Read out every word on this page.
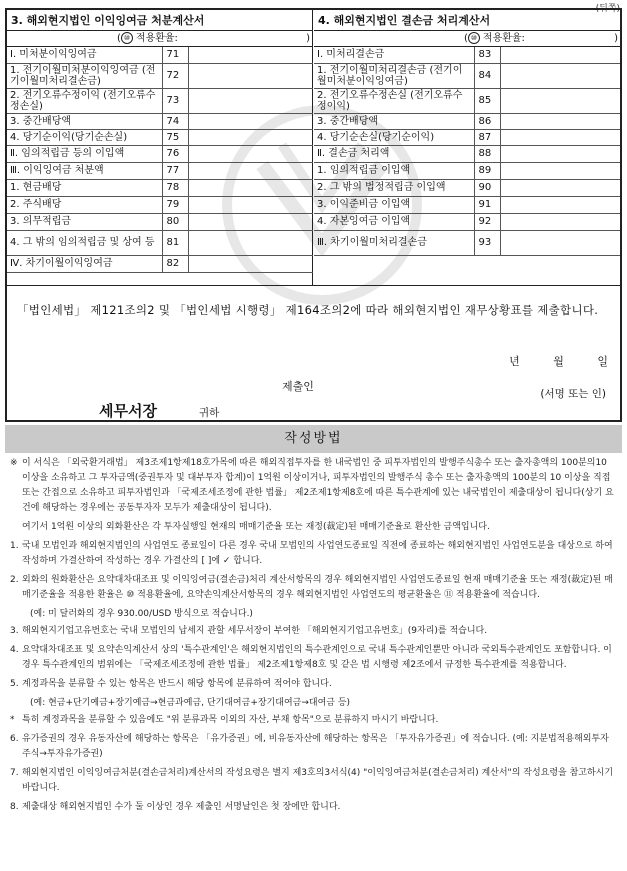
(뒤쪽)
3. 해외현지법인 이익잉여금 처분계산서
( ⑩ 적용환율:	)
Ⅰ. 미처분이익잉여금	71	
1. 전기이월미처분이익잉여금 (전기이월미처리결손금)	72	
2. 전기오류수정이익 (전기오류수정손실)	73	
3. 중간배당액	74	
4. 당기순이익(당기순손실)	75	
Ⅱ. 임의적립금 등의 이입액	76	
Ⅲ. 이익잉여금 처분액	77	
1. 현금배당	78	
2. 주식배당	79	
3. 의무적립금	80	
4. 그 밖의 임의적립금 및 상여 등	81	
Ⅳ. 차기이월이익잉여금	82	
4. 해외현지법인 결손금 처리계산서
( ⑩ 적용환율:	)
Ⅰ. 미처리결손금	83	
1. 전기이월미처리결손금 (전기이월미처분이익잉여금)	84	
2. 전기오류수정손실 (전기오류수정이익)	85	
3. 중간배당액	86	
4. 당기순손실(당기순이익)	87	
Ⅱ. 결손금 처리액	88	
1. 임의적립금 이입액	89	
2. 그 밖의 법정적립금 이입액	90	
3. 이익준비금 이입액	91	
4. 자본잉여금 이입액	92	
Ⅲ. 차기이월미처리결손금	93	
「법인세법」 제121조의2 및 「법인세법 시행령」 제164조의2에 따라 해외현지법인 재무상황표를 제출합니다.
년 월 일
제출인
(서명 또는 인)
세무서장	귀하
작성방법
※ 이 서식은 「외국환거래법」 제3조제1항제18호가목에 따른 해외직접투자를 한 내국법인 중 피투자법인의 발행주식총수 또는 출자총액의 100분의10 이상을 소유하고 그 투자금액(중권투자 및 대부투자 합계)이 1억원 이상이거나, 피투자법인의 발행주식 총수 또는 출자총액의 100분의 10 이상을 직접 또는 간접으로 소유하고 피투자법인과 「국제조세조정에 관한 법률」 제2조제1항제8호에 따른 특수관계에 있는 내국법인이 제출대상이 됩니다(상기 요건에 해당하는 경우에는 공동투자자 모두가 제출대상이 됩니다).
여기서 1억원 이상의 외화환산은 각 투자실행일 현재의 매매기준율 또는 재정(裁定)된 매매기준율로 환산한 금액입니다.
1. 국내 모법인과 해외현지법인의 사업연도 종료일이 다른 경우 국내 모법인의 사업연도종료일 직전에 종료하는 해외현지법인 사업연도분을 대상으로 하여 작성하며 가결산하여 작성하는 경우 가결산의 [ ]에 ✓ 합니다.
2. 외화의 원화환산은 요약대차대조표 및 이익잉여금(결손금)처리 계산서항목의 경우 해외현지법인 사업연도종료일 현재 매매기준율 또는 재정(裁定)된 매매기준율을 적용한 환율은 ⑩ 적용환율에, 요약손익계산서항목의 경우 해외현지법인 사업연도의 평균환율은 ⑪ 적용환율에 적습니다.
(예: 미 달러화의 경우 930.00/USD 방식으로 적습니다.)
3. 해외현지기업고유번호는 국내 모법인의 납세지 관할 세무서장이 부여한 「해외현지기업고유번호」(9자리)를 적습니다.
4. 요약대차대조표 및 요약손익계산서 상의 '특수관계인'은 해외현지법인의 특수관계인으로 국내 특수관계인뿐만 아니라 국외특수관계인도 포함합니다. 이 경우 특수관계인의 범위에는 「국제조세조정에 관한 법률」 제2조제1항제8호 및 같은 법 시행령 제2조에서 규정한 특수관계를 적용합니다.
5. 계정과목을 분류할 수 있는 항목은 반드시 해당 항목에 분류하여 적어야 합니다.
(예: 현금+단기예금+장기예금→현금과예금, 단기대여금+장기대여금→대여금 등)
* 특히 계정과목을 분류할 수 있음에도 "위 분류과목 이외의 자산, 부채 항목"으로 분류하지 마시기 바랍니다.
6. 유가증권의 경우 유동자산에 해당하는 항목은 「유가증권」에, 비유동자산에 해당하는 항목은 「투자유가증권」에 적습니다. (예: 지분법적용해외투자주식→투자유가증권)
7. 해외현지법인 이익잉여금처분(결손금처리)계산서의 작성요령은 별지 제3호의3서식(4) "이익잉여금처분(결손금처리) 계산서"의 작성요령을 참고하시기 바랍니다.
8. 제출대상 해외현지법인 수가 둘 이상인 경우 제출인 서명날인은 첫 장에만 합니다.
